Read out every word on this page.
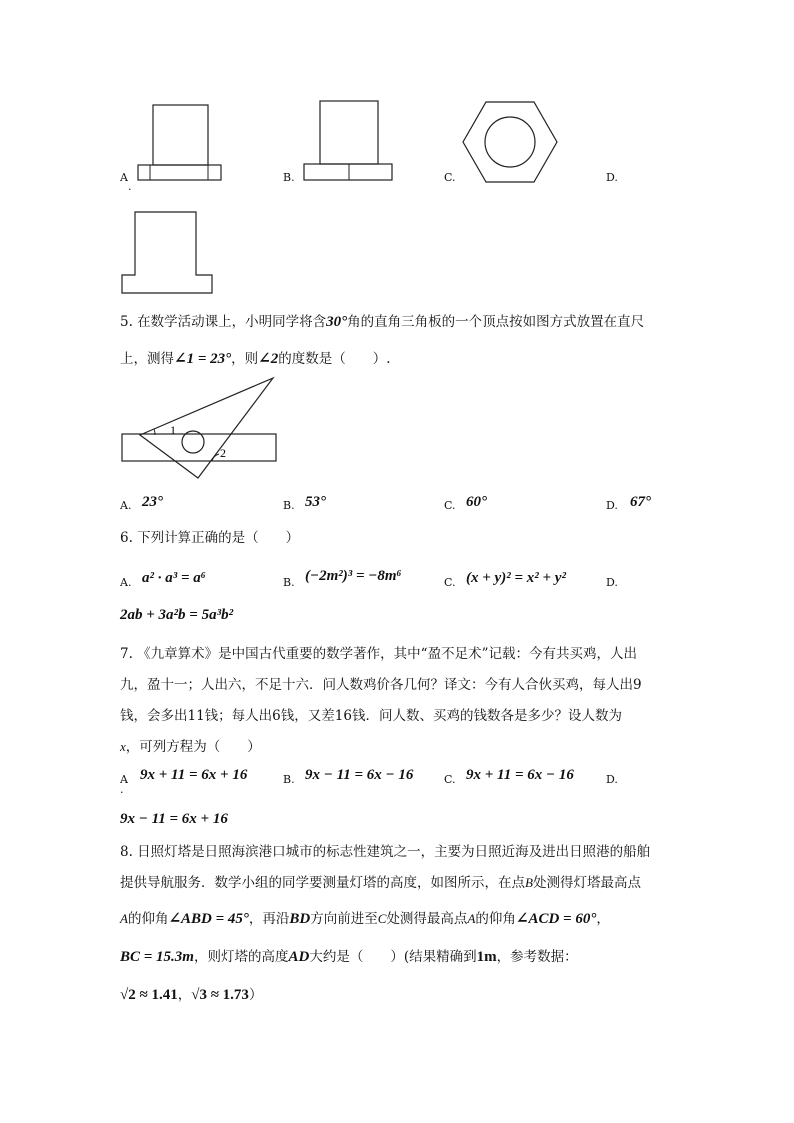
A
.
B.	C.	D.
5. 在数学活动课上，小明同学将含30°角的直角三角板的一个顶点按如图方式放置在直尺
上，测得∠1 = 23°，则∠2的度数是（　　）.
1
2
A. 23°	B. 53°	C. 60°	D. 67°
6. 下列计算正确的是（　　）
A. a² · a³ = a⁶	B. (−2m²)³ = −8m⁶	C. (x + y)² = x² + y²	D.
2ab + 3a²b = 5a³b²
7. 《九章算术》是中国古代重要的数学著作，其中“盈不足术”记载：今有共买鸡，人出
九，盈十一；人出六，不足十六．问人数鸡价各几何？译文：今有人合伙买鸡，每人出9
钱，会多出11钱；每人出6钱，又差16钱．问人数、买鸡的钱数各是多少？设人数为
x，可列方程为（　　）
A
.
9x + 11 = 6x + 16	B. 9x − 11 = 6x − 16	C. 9x + 11 = 6x − 16	D.
9x − 11 = 6x + 16
8. 日照灯塔是日照海滨港口城市的标志性建筑之一，主要为日照近海及进出日照港的船舶
提供导航服务．数学小组的同学要测量灯塔的高度，如图所示，在点B处测得灯塔最高点
A的仰角∠ABD = 45°，再沿BD方向前进至C处测得最高点A的仰角∠ACD = 60°，
BC = 15.3m，则灯塔的高度AD大约是（　　）(结果精确到1m，参考数据：
√2 ≈ 1.41，√3 ≈ 1.73）
